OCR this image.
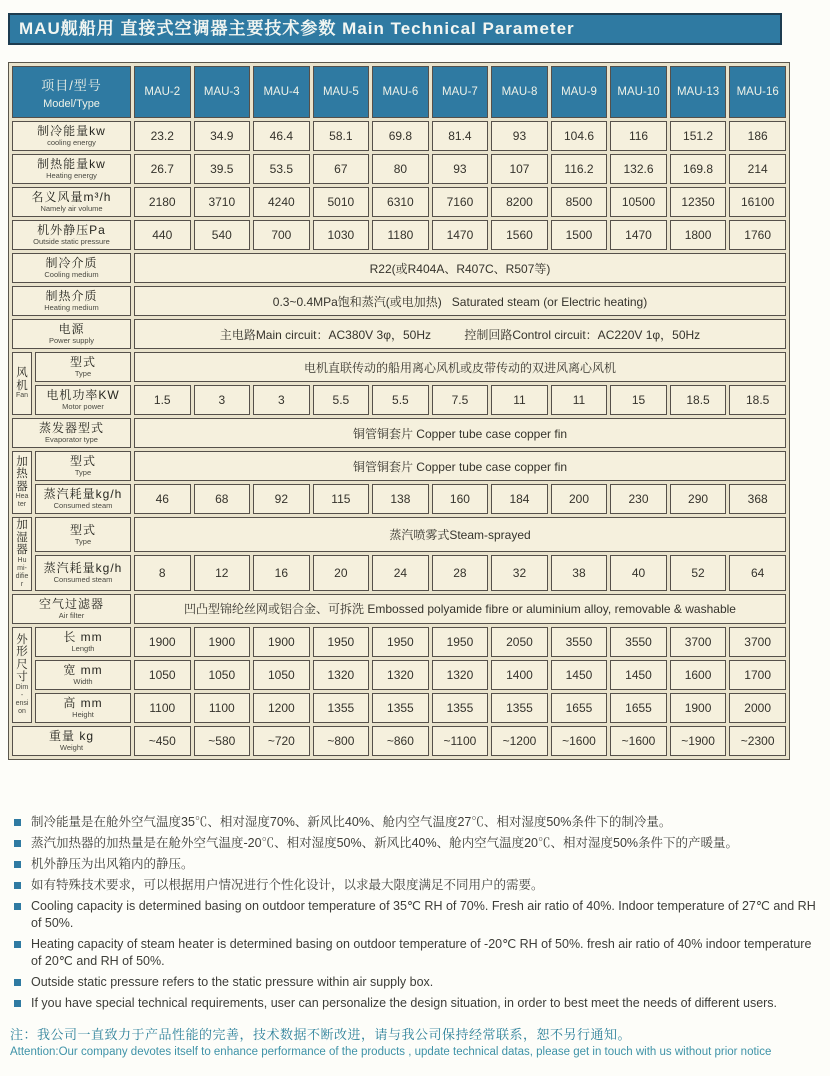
MAU舰船用 直接式空调器主要技术参数 Main Technical Parameter
项目/型号
Model/Type		MAU-2	MAU-3	MAU-4	MAU-5	MAU-6	MAU-7	MAU-8	MAU-9	MAU-10	MAU-13	MAU-16

制冷能量kw
cooling energy		23.2	34.9	46.4	58.1	69.8	81.4	93	104.6	116	151.2	186

制热能量kw
Heating energy		26.7	39.5	53.5	67	80	93	107	116.2	132.6	169.8	214

名义风量m³/h
Namely air volume		2180	3710	4240	5010	6310	7160	8200	8500	10500	12350	16100

机外静压Pa
Outside static pressure		440	540	700	1030	1180	1470	1560	1500	1470	1800	1760

制冷介质
Cooling medium		R22(或R404A、R407C、R507等)										

制热介质
Heating medium		0.3~0.4MPa饱和蒸汽(或电加热)   Saturated steam (or Electric heating)										

电源
Power supply		主电路Main circuit：AC380V 3φ，50Hz          控制回路Control circuit：AC220V 1φ，50Hz										

风机
Fan

型式
Type	电机直联传动的船用离心风机或皮带传动的双进风离心风机

	电机功率KW
Motor power	1.5	3	3	5.5	5.5	7.5	11	11	15	18.5	18.5

蒸发器型式
Evaporator type		铜管铜套片 Copper tube case copper fin										

加热器
Heater

型式
Type	铜管铜套片 Copper tube case copper fin

	蒸汽耗量kg/h
Consumed steam	46	68	92	115	138	160	184	200	230	290	368

加湿器
Humi-difier

型式
Type	蒸汽喷雾式Steam-sprayed

	蒸汽耗量kg/h
Consumed steam	8	12	16	20	24	28	32	38	40	52	64

空气过滤器
Air filter		凹凸型锦纶丝网或铝合金、可拆洗 Embossed polyamide fibre or aluminium alloy, removable & washable										

外形尺寸
Dim-ension

长 mm
Length	1900	1900	1900	1950	1950	1950	2050	3550	3550	3700	3700

	宽 mm
Width	1050	1050	1050	1320	1320	1320	1400	1450	1450	1600	1700

	高 mm
Height	1100	1100	1200	1355	1355	1355	1355	1655	1655	1900	2000

重量 kg
Weight		~450	~580	~720	~800	~860	~1100	~1200	~1600	~1600	~1900	~2300
制冷能量是在舱外空气温度35℃、相对湿度70%、新风比40%、舱内空气温度27℃、相对湿度50%条件下的制冷量。
蒸汽加热器的加热量是在舱外空气温度-20℃、相对湿度50%、新风比40%、舱内空气温度20℃、相对湿度50%条件下的产暖量。
机外静压为出风箱内的静压。
如有特殊技术要求，可以根据用户情况进行个性化设计，以求最大限度满足不同用户的需要。
Cooling capacity is determined basing on outdoor temperature of 35℃ RH of 70%. Fresh air ratio of 40%. Indoor temperature of 27℃ and RH of 50%.
Heating capacity of steam heater is determined basing on outdoor temperature of -20℃ RH of 50%. fresh air ratio of 40% indoor temperature of 20℃ and RH of 50%.
Outside static pressure refers to the static pressure within air supply box.
If you have special technical requirements, user can personalize the design situation, in order to best meet the needs of different users.
注：我公司一直致力于产品性能的完善，技术数据不断改进，请与我公司保持经常联系，恕不另行通知。
Attention:Our company devotes itself to enhance performance of the products , update technical datas, please get in touch with us without prior notice
